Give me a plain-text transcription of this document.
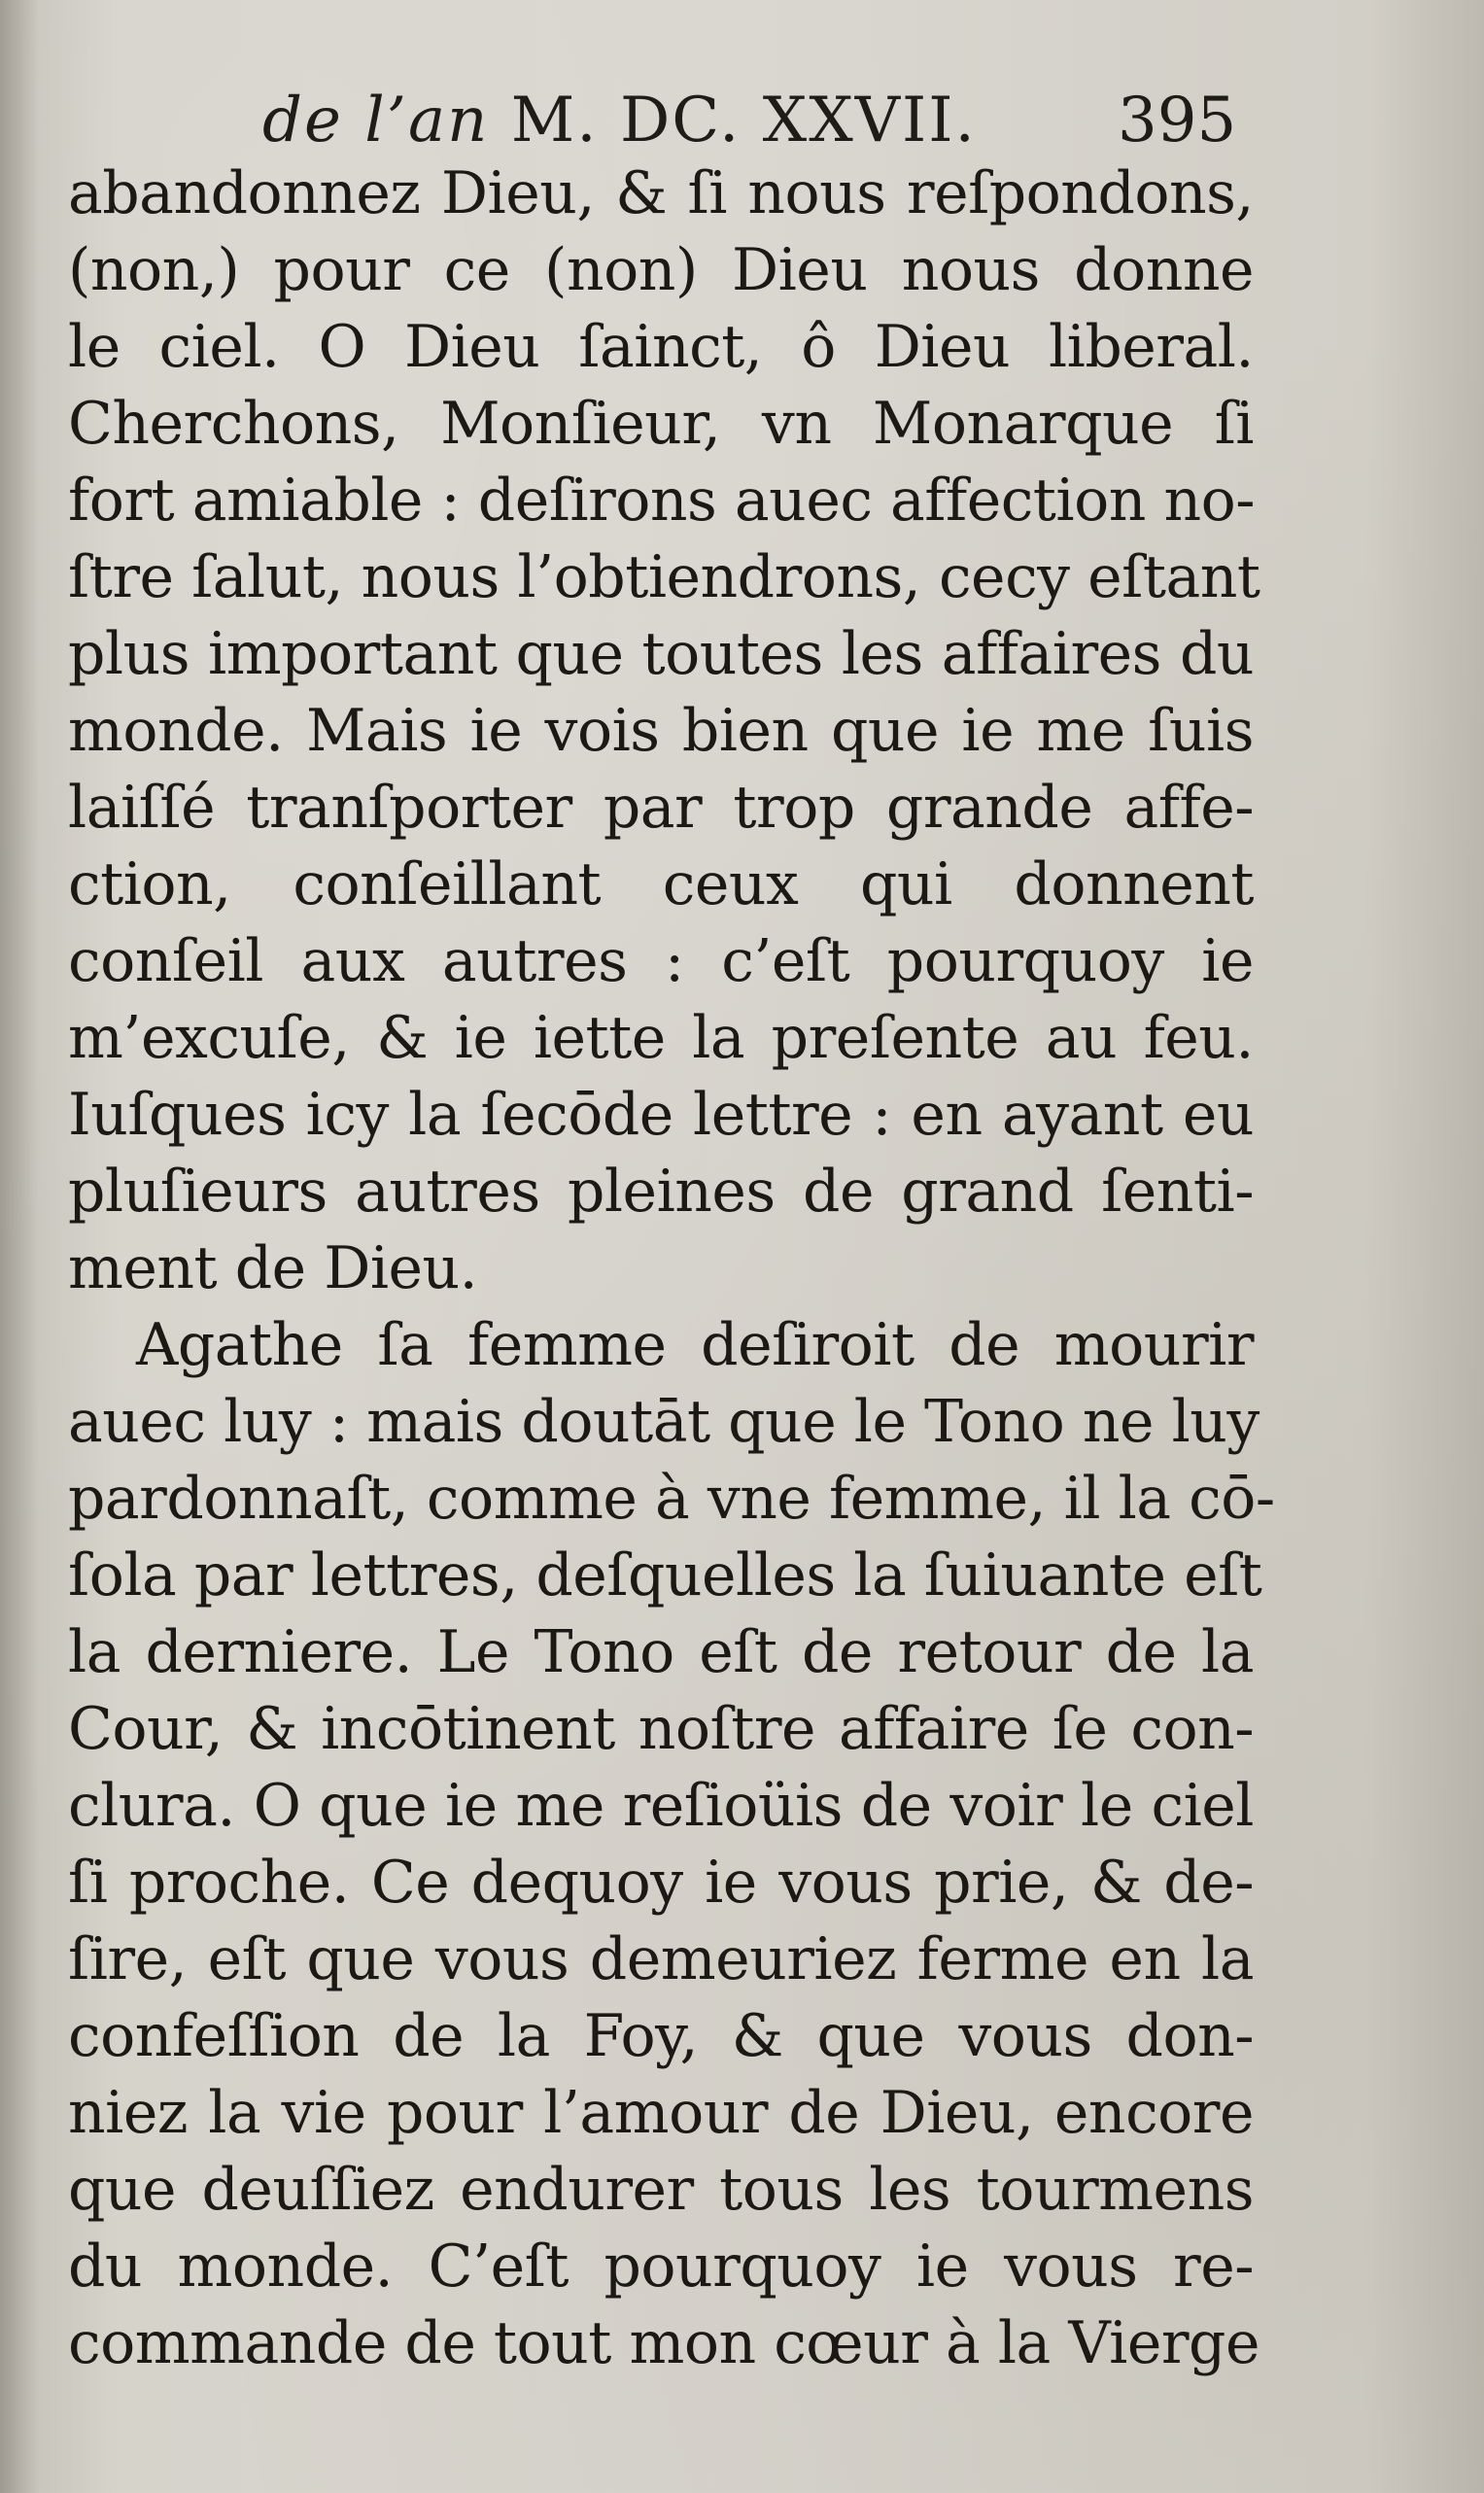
de l’an M. DC. XXVII. 395
abandonnez Dieu, & ſi nous reſpondons,
(non,) pour ce (non) Dieu nous donne
le ciel. O Dieu ſainct, ô Dieu liberal.
Cherchons, Monſieur, vn Monarque ſi
fort amiable : deſirons auec affection no-
ſtre ſalut, nous l’obtiendrons, cecy eſtant
plus important que toutes les affaires du
monde. Mais ie vois bien que ie me ſuis
laiſſé tranſporter par trop grande affe-
ction, conſeillant ceux qui donnent
conſeil aux autres : c’eſt pourquoy ie
m’excuſe, & ie iette la preſente au feu.
Iuſques icy la ſecōde lettre : en ayant eu
pluſieurs autres pleines de grand ſenti-
ment de Dieu.
Agathe ſa femme deſiroit de mourir
auec luy : mais doutāt que le Tono ne luy
pardonnaſt, comme à vne femme, il la cō-
ſola par lettres, deſquelles la ſuiuante eſt
la derniere. Le Tono eſt de retour de la
Cour, & incōtinent noſtre affaire ſe con-
clura. O que ie me reſioüis de voir le ciel
ſi proche. Ce dequoy ie vous prie, & de-
ſire, eſt que vous demeuriez ferme en la
confeſſion de la Foy, & que vous don-
niez la vie pour l’amour de Dieu, encore
que deuſſiez endurer tous les tourmens
du monde. C’eſt pourquoy ie vous re-
commande de tout mon cœur à la Vierge
